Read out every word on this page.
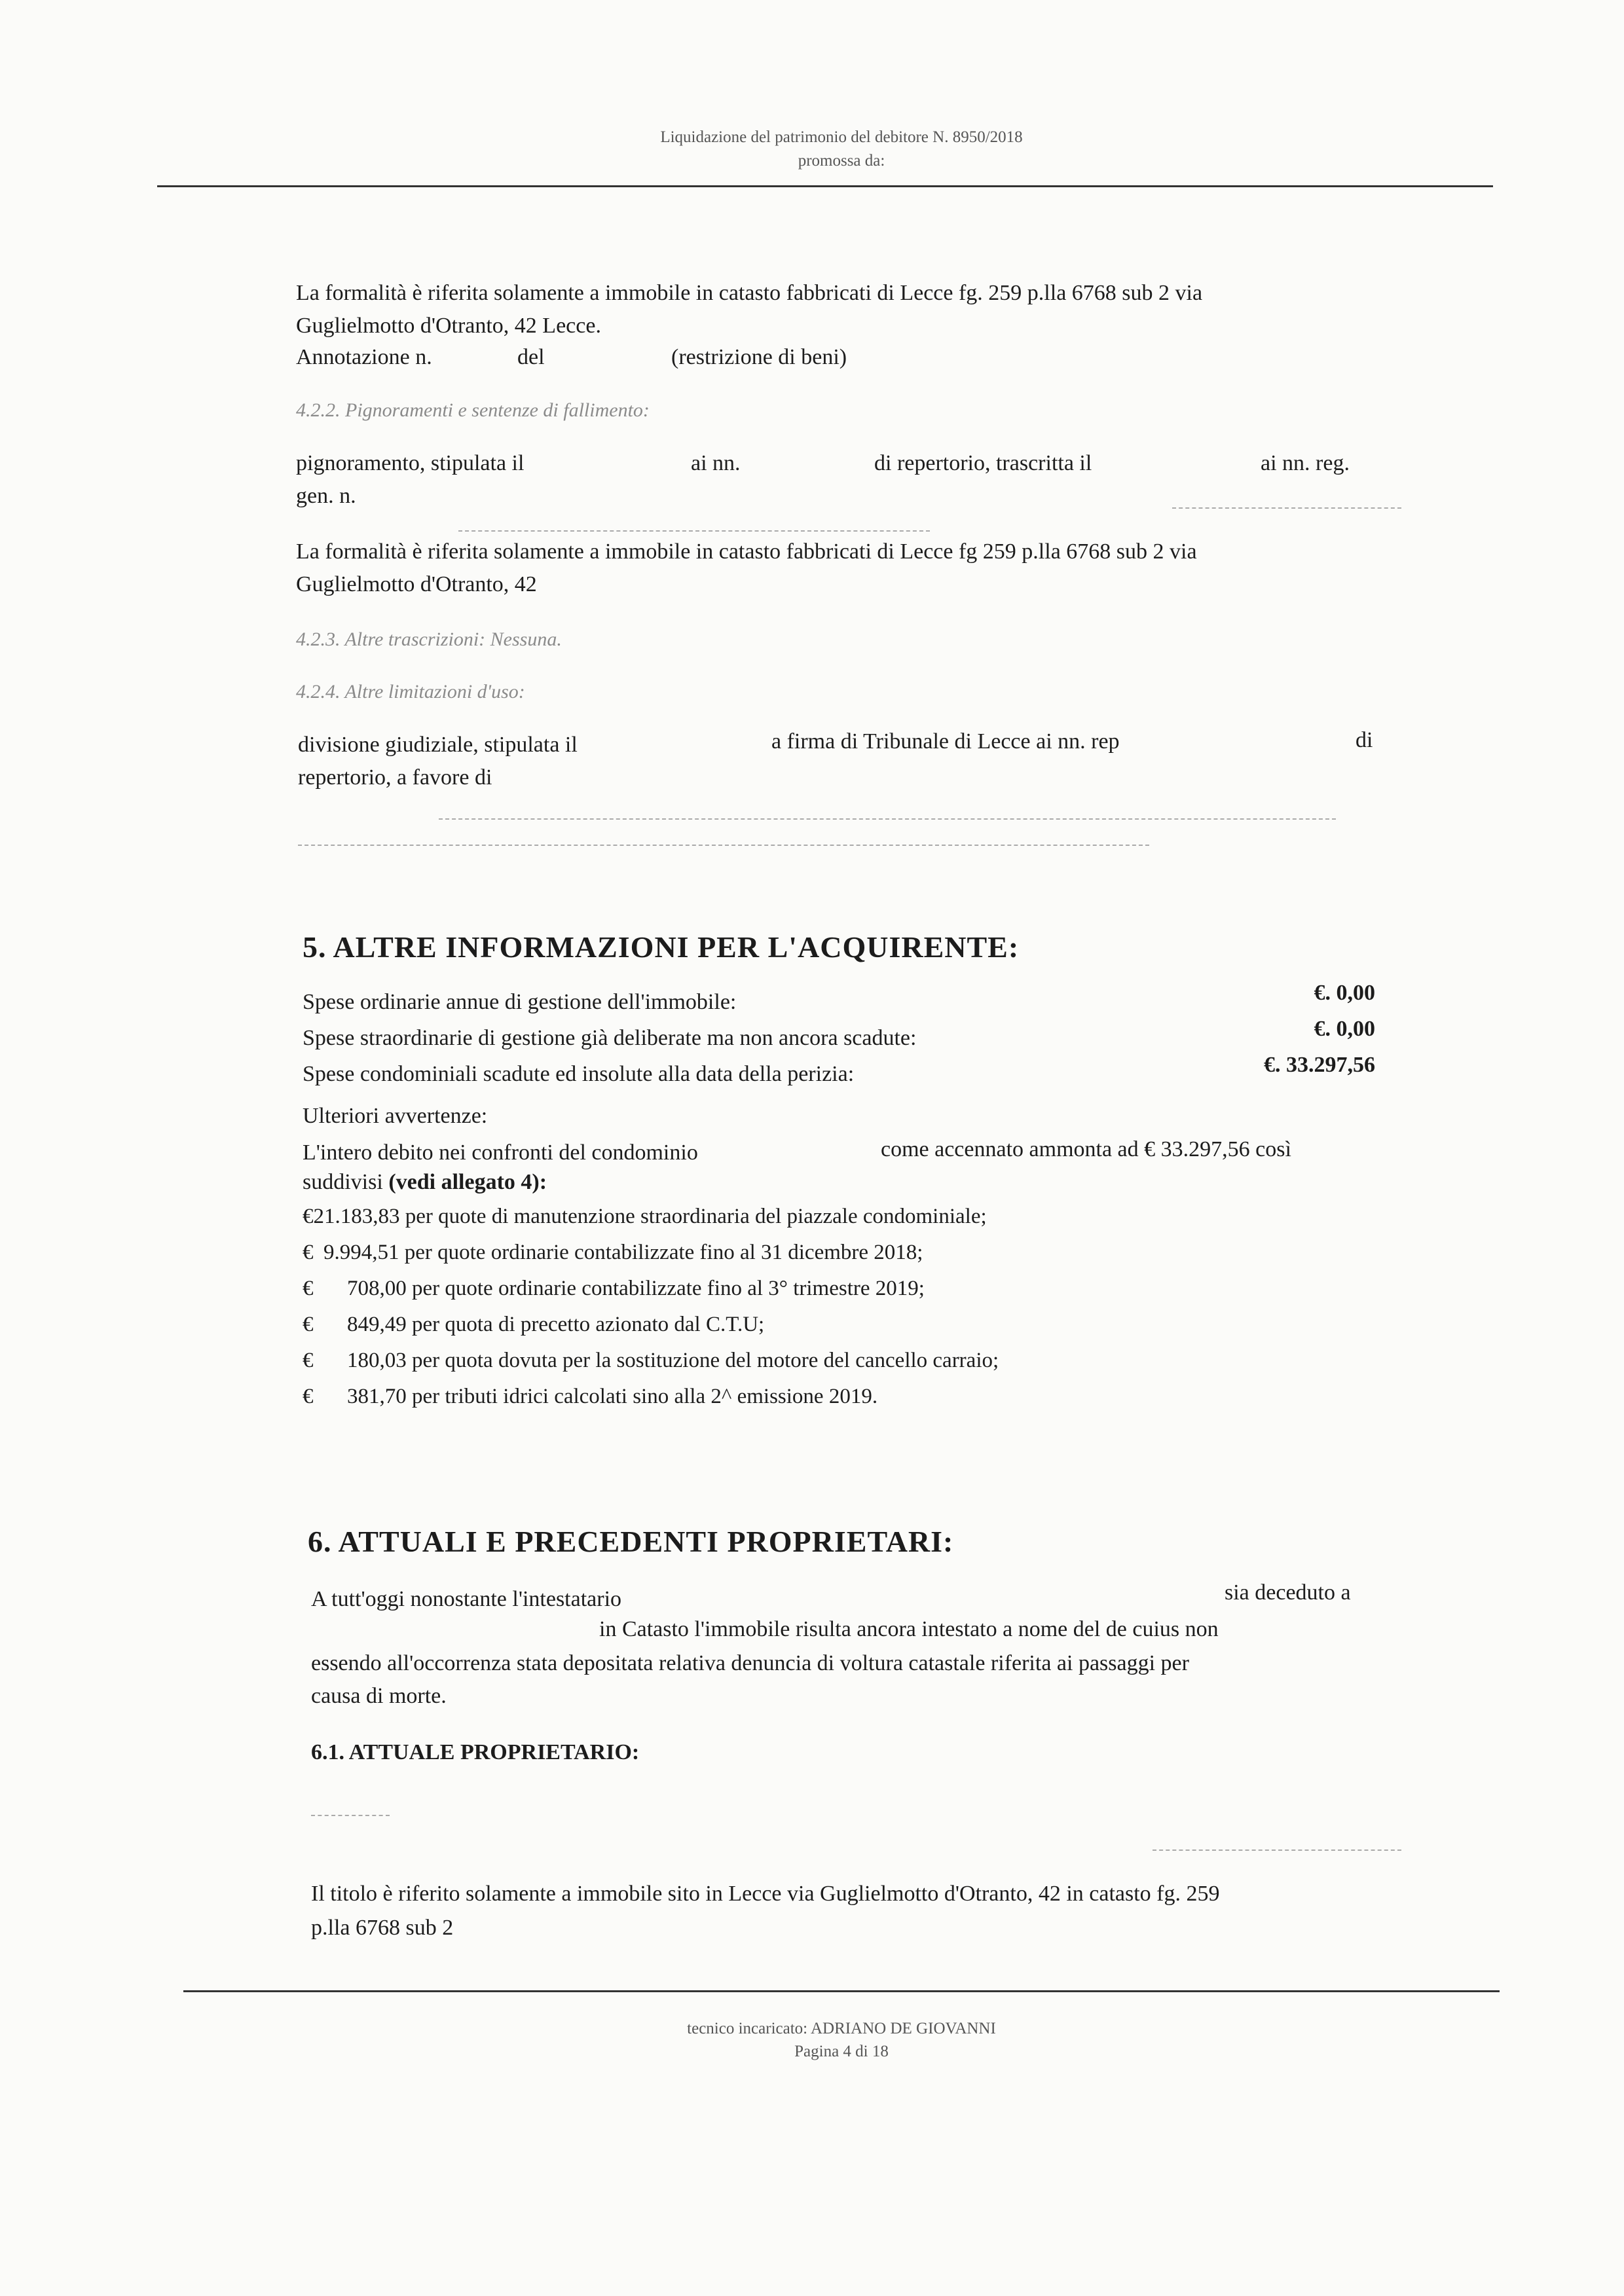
Liquidazione del patrimonio del debitore N. 8950/2018
promossa da:
La formalità è riferita solamente a immobile in catasto fabbricati di Lecce fg. 259 p.lla 6768 sub 2 via
Guglielmotto d'Otranto, 42 Lecce.
Annotazione n.	del	(restrizione di beni)
4.2.2. Pignoramenti e sentenze di fallimento:
pignoramento, stipulata il	ai nn.	di repertorio, trascritta il	ai nn. reg.
gen. n.
La formalità è riferita solamente a immobile in catasto fabbricati di Lecce fg 259 p.lla 6768 sub 2 via
Guglielmotto d'Otranto, 42
4.2.3. Altre trascrizioni: Nessuna.
4.2.4. Altre limitazioni d'uso:
divisione giudiziale, stipulata il	a firma di Tribunale di Lecce ai nn. rep	di
repertorio, a favore di
5. ALTRE INFORMAZIONI PER L'ACQUIRENTE:
Spese ordinarie annue di gestione dell'immobile:	€. 0,00
Spese straordinarie di gestione già deliberate ma non ancora scadute:	€. 0,00
Spese condominiali scadute ed insolute alla data della perizia:	€. 33.297,56
Ulteriori avvertenze:
L'intero debito nei confronti del condominio	come accennato ammonta ad € 33.297,56 così
suddivisi (vedi allegato 4):
€21.183,83 per quote di manutenzione straordinaria del piazzale condominiale;
€ 9.994,51 per quote ordinarie contabilizzate fino al 31 dicembre 2018;
€ 708,00 per quote ordinarie contabilizzate fino al 3° trimestre 2019;
€ 849,49 per quota di precetto azionato dal C.T.U;
€ 180,03 per quota dovuta per la sostituzione del motore del cancello carraio;
€ 381,70 per tributi idrici calcolati sino alla 2^ emissione 2019.
6. ATTUALI E PRECEDENTI PROPRIETARI:
A tutt'oggi nonostante l'intestatario	sia deceduto a
in Catasto l'immobile risulta ancora intestato a nome del de cuius non
essendo all'occorrenza stata depositata relativa denuncia di voltura catastale riferita ai passaggi per
causa di morte.
6.1. ATTUALE PROPRIETARIO:
Il titolo è riferito solamente a immobile sito in Lecce via Guglielmotto d'Otranto, 42 in catasto fg. 259
p.lla 6768 sub 2
tecnico incaricato: ADRIANO DE GIOVANNI
Pagina 4 di 18
